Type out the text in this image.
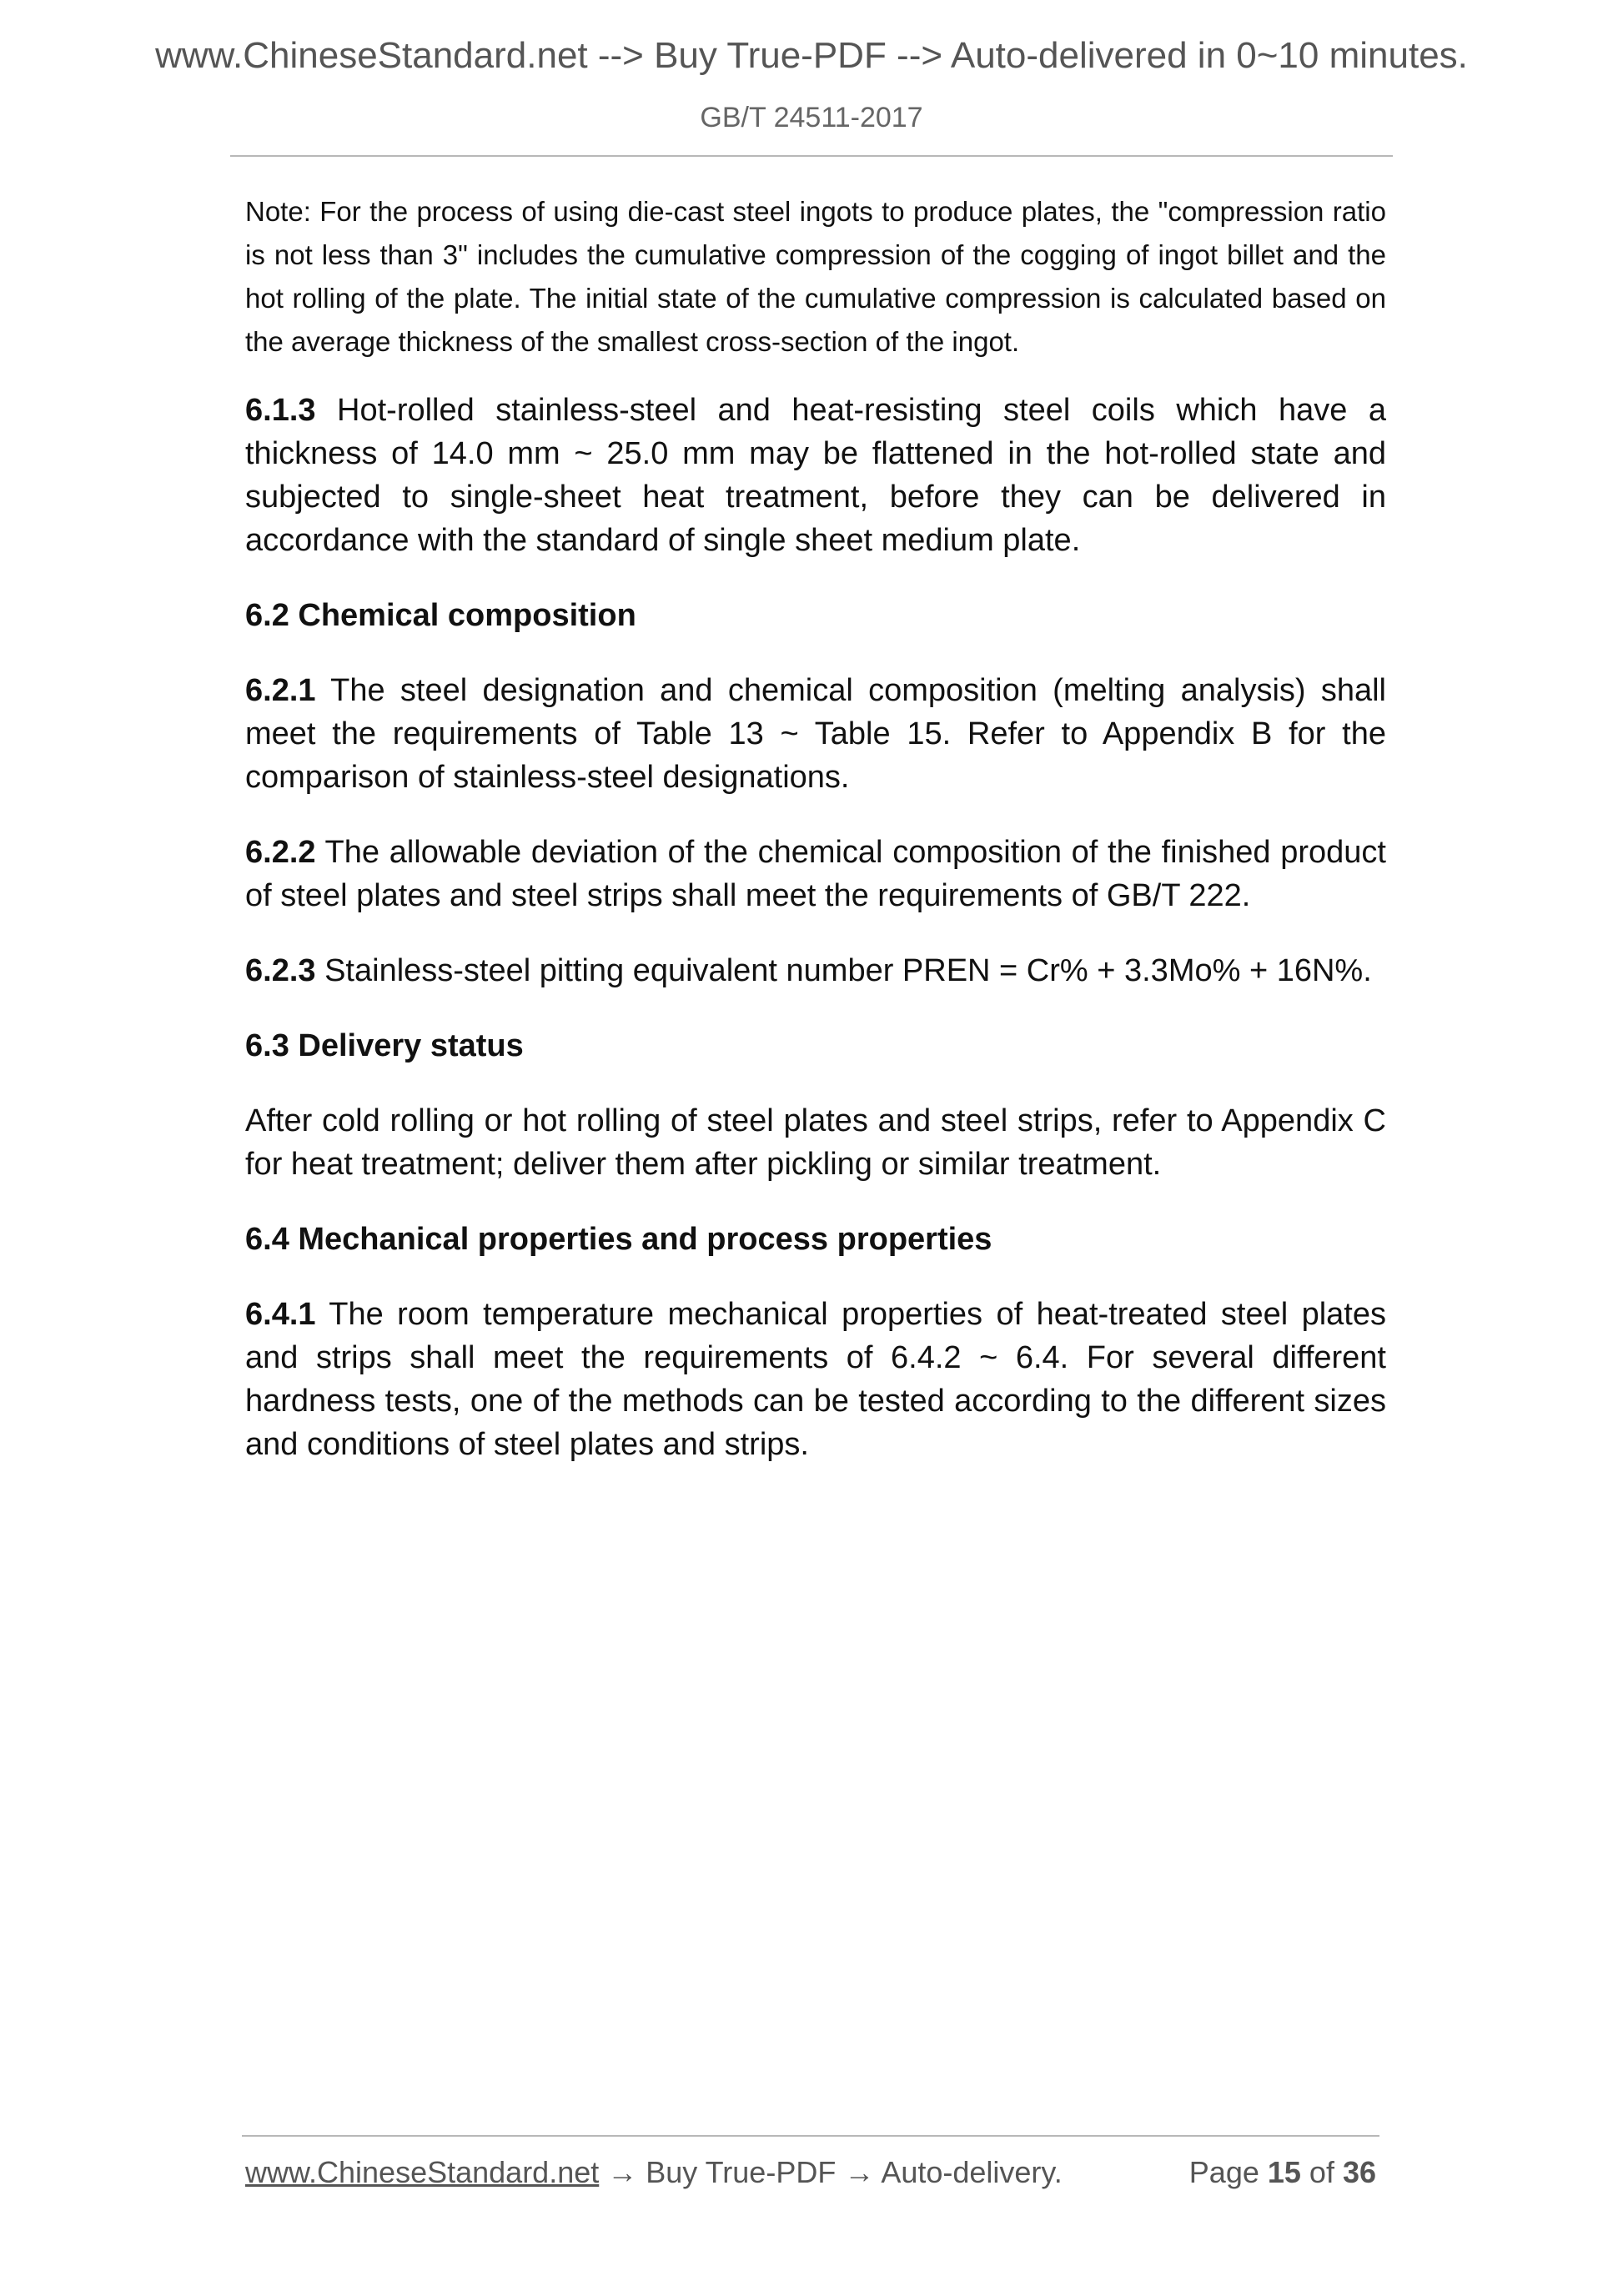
www.ChineseStandard.net --> Buy True-PDF --> Auto-delivered in 0~10 minutes.
GB/T 24511-2017

Note: For the process of using die-cast steel ingots to produce plates, the "compression ratio is not less than 3" includes the cumulative compression of the cogging of ingot billet and the hot rolling of the plate. The initial state of the cumulative compression is calculated based on the average thickness of the smallest cross-section of the ingot.

6.1.3 Hot-rolled stainless-steel and heat-resisting steel coils which have a thickness of 14.0 mm ~ 25.0 mm may be flattened in the hot-rolled state and subjected to single-sheet heat treatment, before they can be delivered in accordance with the standard of single sheet medium plate.

6.2 Chemical composition

6.2.1 The steel designation and chemical composition (melting analysis) shall meet the requirements of Table 13 ~ Table 15. Refer to Appendix B for the comparison of stainless-steel designations.

6.2.2 The allowable deviation of the chemical composition of the finished product of steel plates and steel strips shall meet the requirements of GB/T 222.

6.2.3 Stainless-steel pitting equivalent number PREN = Cr% + 3.3Mo% + 16N%.

6.3 Delivery status

After cold rolling or hot rolling of steel plates and steel strips, refer to Appendix C for heat treatment; deliver them after pickling or similar treatment.

6.4 Mechanical properties and process properties

6.4.1 The room temperature mechanical properties of heat-treated steel plates and strips shall meet the requirements of 6.4.2 ~ 6.4. For several different hardness tests, one of the methods can be tested according to the different sizes and conditions of steel plates and strips.

www.ChineseStandard.net → Buy True-PDF → Auto-delivery.	Page 15 of 36
